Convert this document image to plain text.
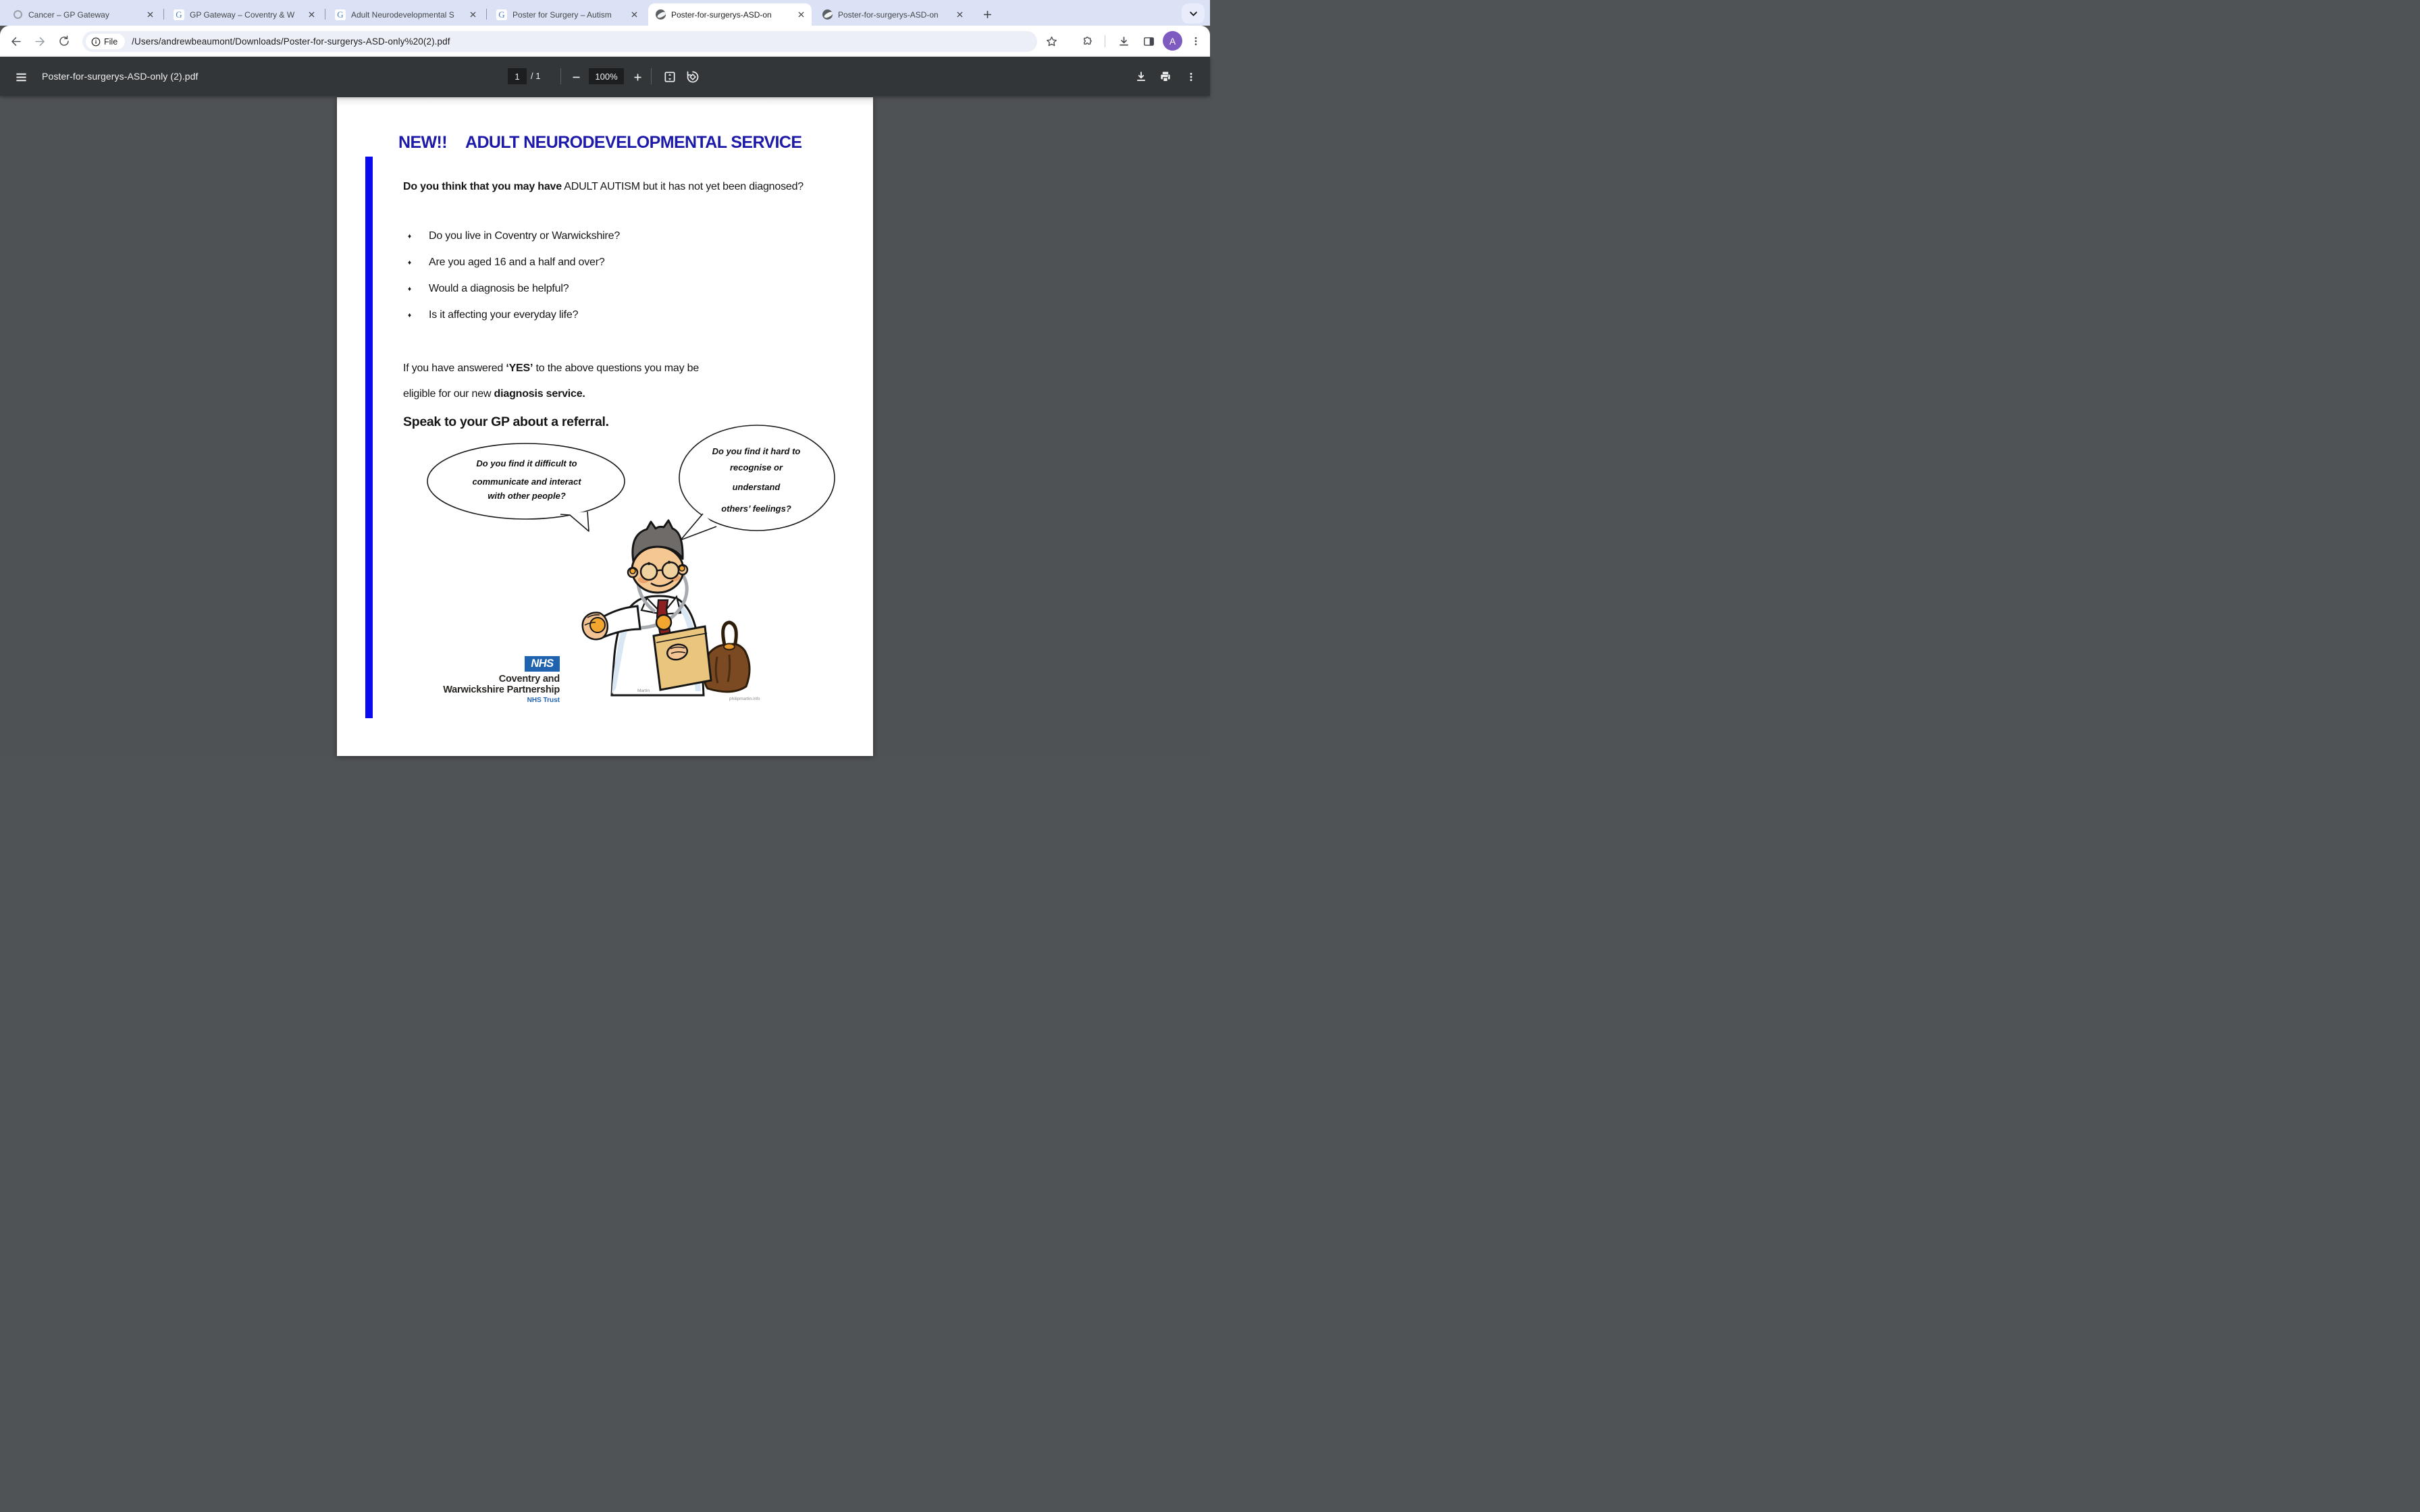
Cancer – GP Gateway	G GP Gateway – Coventry & W	G Adult Neurodevelopmental S	G Poster for Surgery – Autism	Poster-for-surgerys-ASD-on	Poster-for-surgerys-ASD-on
File /Users/andrewbeaumont/Downloads/Poster-for-surgerys-ASD-only%20(2).pdf	A
Poster-for-surgerys-ASD-only (2).pdf	1	/ 1	100%
NEW!! ADULT NEURODEVELOPMENTAL SERVICE
Do you think that you may have ADULT AUTISM but it has not yet been diagnosed?
♦	Do you live in Coventry or Warwickshire?
♦	Are you aged 16 and a half and over?
♦	Would a diagnosis be helpful?
♦	Is it affecting your everyday life?
If you have answered ‘YES’ to the above questions you may be
eligible for our new diagnosis service.
Speak to your GP about a referral.
Do you find it difficult to
communicate and interact
with other people?
Do you find it hard to
recognise or
understand
others’ feelings?
Martin
philipmartin.info
NHS
Coventry and
Warwickshire Partnership
NHS Trust
